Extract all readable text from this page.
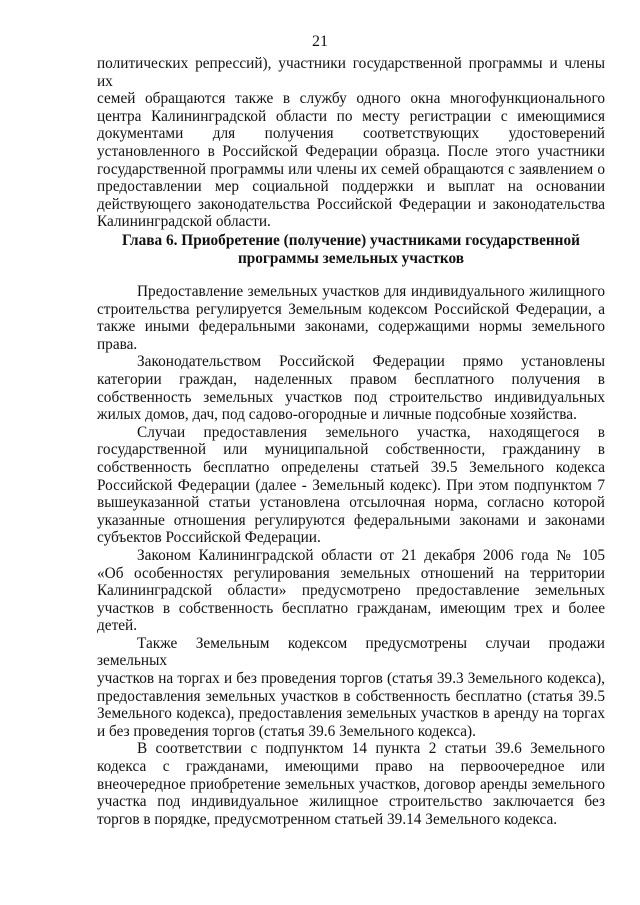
21
политических репрессий), участники государственной программы и члены их
семей обращаются также в службу одного окна многофункционального
центра Калининградской области по месту регистрации с имеющимися
документами для получения соответствующих удостоверений
установленного в Российской Федерации образца. После этого участники
государственной программы или члены их семей обращаются с заявлением о
предоставлении мер социальной поддержки и выплат на основании
действующего законодательства Российской Федерации и законодательства
Калининградской области.
Глава 6. Приобретение (получение) участниками государственной
программы земельных участков
Предоставление земельных участков для индивидуального жилищного
строительства регулируется Земельным кодексом Российской Федерации, а
также иными федеральными законами, содержащими нормы земельного
права.
Законодательством Российской Федерации прямо установлены
категории граждан, наделенных правом бесплатного получения в
собственность земельных участков под строительство индивидуальных
жилых домов, дач, под садово-огородные и личные подсобные хозяйства.
Случаи предоставления земельного участка, находящегося в
государственной или муниципальной собственности, гражданину в
собственность бесплатно определены статьей 39.5 Земельного кодекса
Российской Федерации (далее - Земельный кодекс). При этом подпунктом 7
вышеуказанной статьи установлена отсылочная норма, согласно которой
указанные отношения регулируются федеральными законами и законами
субъектов Российской Федерации.
Законом Калининградской области от 21 декабря 2006 года № 105
«Об особенностях регулирования земельных отношений на территории
Калининградской области» предусмотрено предоставление земельных
участков в собственность бесплатно гражданам, имеющим трех и более
детей.
Также Земельным кодексом предусмотрены случаи продажи земельных
участков на торгах и без проведения торгов (статья 39.3 Земельного кодекса),
предоставления земельных участков в собственность бесплатно (статья 39.5
Земельного кодекса), предоставления земельных участков в аренду на торгах
и без проведения торгов (статья 39.6 Земельного кодекса).
В соответствии с подпунктом 14 пункта 2 статьи 39.6 Земельного
кодекса с гражданами, имеющими право на первоочередное или
внеочередное приобретение земельных участков, договор аренды земельного
участка под индивидуальное жилищное строительство заключается без
торгов в порядке, предусмотренном статьей 39.14 Земельного кодекса.
